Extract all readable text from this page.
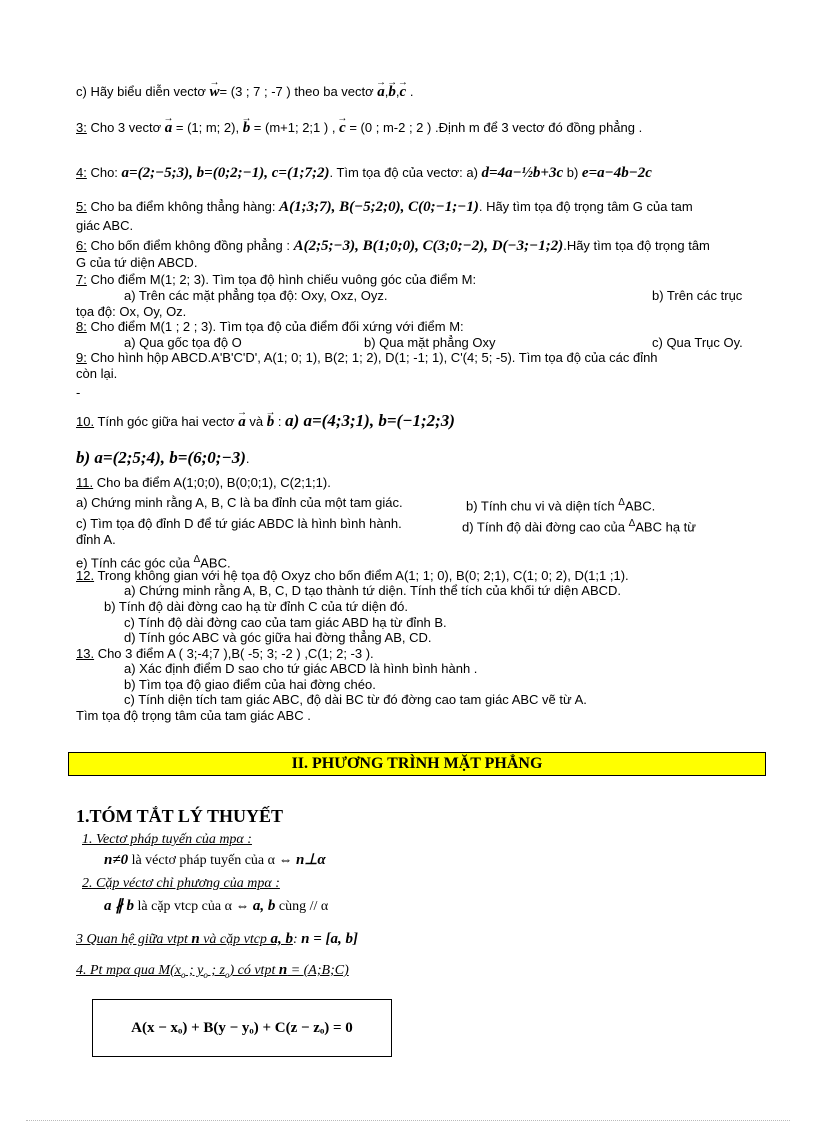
c) Hãy biểu diễn vectơ → w= (3 ; 7 ; -7 ) theo ba vectơ → a,→ b,→ c .
3: Cho 3 vectơ → a = (1; m; 2), → b = (m+1; 2;1 ) , → c = (0 ; m-2 ; 2 ) .Định m để 3 vectơ đó đồng phẳng .
4: Cho: a=(2;−5;3), b=(0;2;−1), c=(1;7;2). Tìm tọa độ của vectơ: a) d=4a−½b+3c b) e=a−4b−2c
5: Cho ba điểm không thẳng hàng: A(1;3;7), B(−5;2;0), C(0;−1;−1). Hãy tìm tọa độ trọng tâm G của tam
giác ABC.
6: Cho bốn điểm không đồng phẳng : A(2;5;−3), B(1;0;0), C(3;0;−2), D(−3;−1;2).Hãy tìm tọa độ trọng tâm
G của tứ diện ABCD.
7: Cho điểm M(1; 2; 3). Tìm tọa độ hình chiếu vuông góc của điểm M:
a) Trên các mặt phẳng tọa độ: Oxy, Oxz, Oyz.	b) Trên các trục
tọa độ: Ox, Oy, Oz.
8: Cho điểm M(1 ; 2 ; 3). Tìm tọa độ của điểm đối xứng với điểm M:
a) Qua gốc tọa độ O	b) Qua mặt phẳng Oxy	c) Qua Trục Oy.
9: Cho hình hộp ABCD.A'B'C'D', A(1; 0; 1), B(2; 1; 2), D(1; -1; 1), C'(4; 5; -5). Tìm tọa độ của các đỉnh
còn lại.
-
10. Tính góc giữa hai vectơ → a và → b : a) a=(4;3;1), b=(−1;2;3)
b) a=(2;5;4), b=(6;0;−3).
11. Cho ba điểm A(1;0;0), B(0;0;1), C(2;1;1).
a) Chứng minh rằng A, B, C là ba đỉnh của một tam giác.	b) Tính chu vi và diện tích $^\Delta$ABC.
c) Tìm tọa độ đỉnh D để tứ giác ABDC là hình bình hành.	d) Tính độ dài đờng cao của $^\Delta$ABC hạ từ
đỉnh A.
e) Tính các góc của $^\Delta$ABC.
12. Trong không gian với hệ tọa độ Oxyz cho bốn điểm A(1; 1; 0), B(0; 2;1), C(1; 0; 2), D(1;1 ;1).
a) Chứng minh rằng A, B, C, D tạo thành tứ diện. Tính thể tích của khối tứ diện ABCD.
b) Tính độ dài đờng cao hạ từ đỉnh C của tứ diện đó.
c) Tính độ dài đờng cao của tam giác ABD hạ từ đỉnh B.
d) Tính góc ABC và góc giữa hai đờng thẳng AB, CD.
13. Cho 3 điểm A ( 3;-4;7 ),B( -5; 3; -2 ) ,C(1; 2; -3 ).
a) Xác định điểm D sao cho tứ giác ABCD là hình bình hành .
b) Tìm tọa độ giao điểm của hai đờng chéo.
c) Tính diện tích tam giác ABC, độ dài BC từ đó đờng cao tam giác ABC vẽ từ A.
Tìm tọa độ trọng tâm của tam giác ABC .
II. PHƯƠNG TRÌNH MẶT PHẲNG
1.TÓM TẮT LÝ THUYẾT
1. Vectơ pháp tuyến của mpα :
n≠0 là véctơ pháp tuyến của α ⇔ n⊥α
2. Cặp véctơ chỉ phương của mpα :
a ∦ b là cặp vtcp của α ⇔ a, b cùng // α
3 Quan hệ giữa vtpt n và cặp vtcp a, b: n = [a, b]
4. Pt mpα qua $M(x_o$ ; $y_o$ ; $z_o$) có vtpt n = (A;B;C)
A(x − xₒ) + B(y − yₒ) + C(z − zₒ) = 0
